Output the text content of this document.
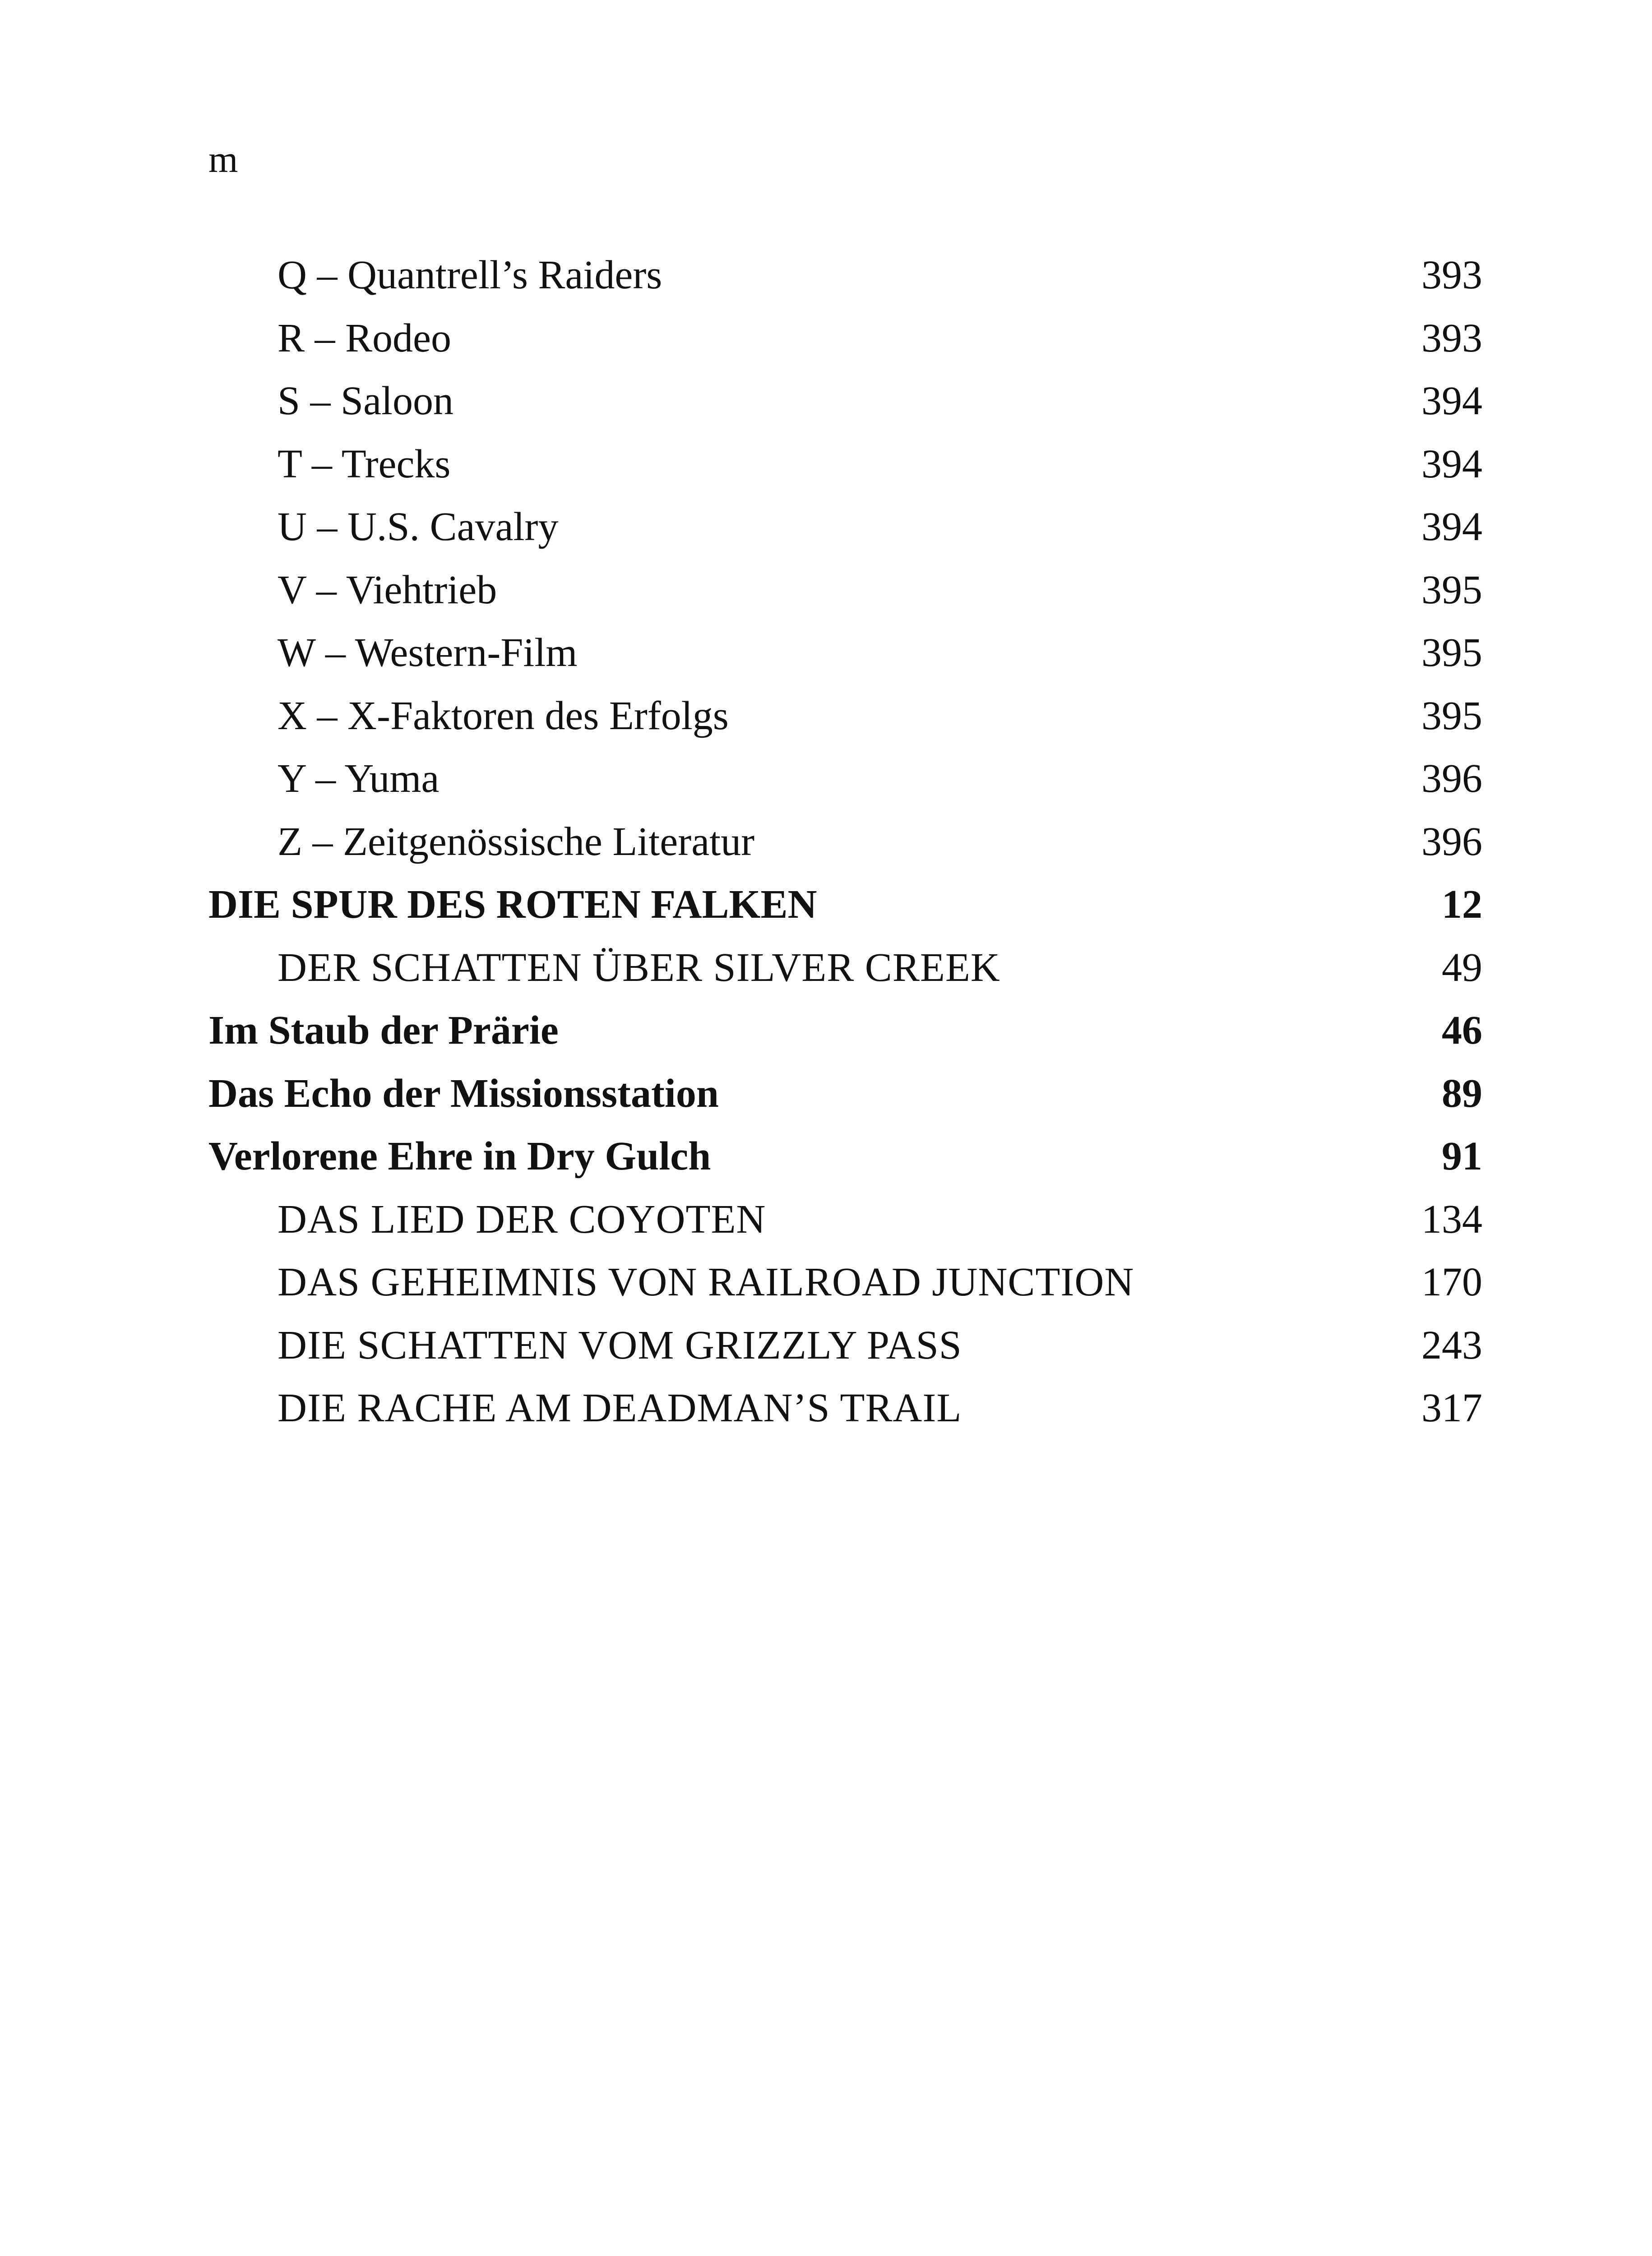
m
Q – Quantrell’s Raiders	393
R – Rodeo	393
S – Saloon	394
T – Trecks	394
U – U.S. Cavalry	394
V – Viehtrieb	395
W – Western-Film	395
X – X-Faktoren des Erfolgs	395
Y – Yuma	396
Z – Zeitgenössische Literatur	396
DIE SPUR DES ROTEN FALKEN	12
DER SCHATTEN ÜBER SILVER CREEK	49
Im Staub der Prärie	46
Das Echo der Missionsstation	89
Verlorene Ehre in Dry Gulch	91
DAS LIED DER COYOTEN	134
DAS GEHEIMNIS VON RAILROAD JUNCTION	170
DIE SCHATTEN VOM GRIZZLY PASS	243
DIE RACHE AM DEADMAN’S TRAIL	317
